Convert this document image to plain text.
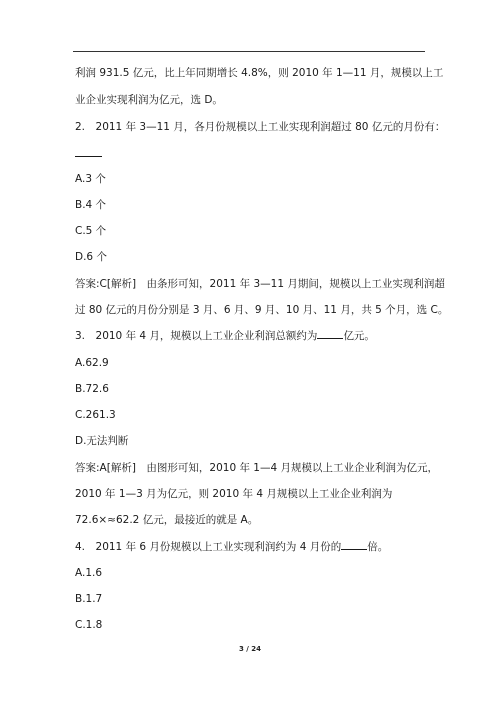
利润 931.5 亿元，比上年同期增长 4.8%，则 2010 年 1—11 月，规模以上工
业企业实现利润为亿元，选 D。
2.　2011 年 3—11 月，各月份规模以上工业实现利润超过 80 亿元的月份有：
A.3 个
B.4 个
C.5 个
D.6 个
答案:C[解析]　由条形可知，2011 年 3—11 月期间，规模以上工业实现利润超
过 80 亿元的月份分别是 3 月、6 月、9 月、10 月、11 月，共 5 个月，选 C。
3.　2010 年 4 月，规模以上工业企业利润总额约为 亿元。
A.62.9
B.72.6
C.261.3
D.无法判断
答案:A[解析]　由图形可知，2010 年 1—4 月规模以上工业企业利润为亿元，
2010 年 1—3 月为亿元，则 2010 年 4 月规模以上工业企业利润为
72.6×≈62.2 亿元，最接近的就是 A。
4.　2011 年 6 月份规模以上工业实现利润约为 4 月份的 倍。
A.1.6
B.1.7
C.1.8
3 / 24
